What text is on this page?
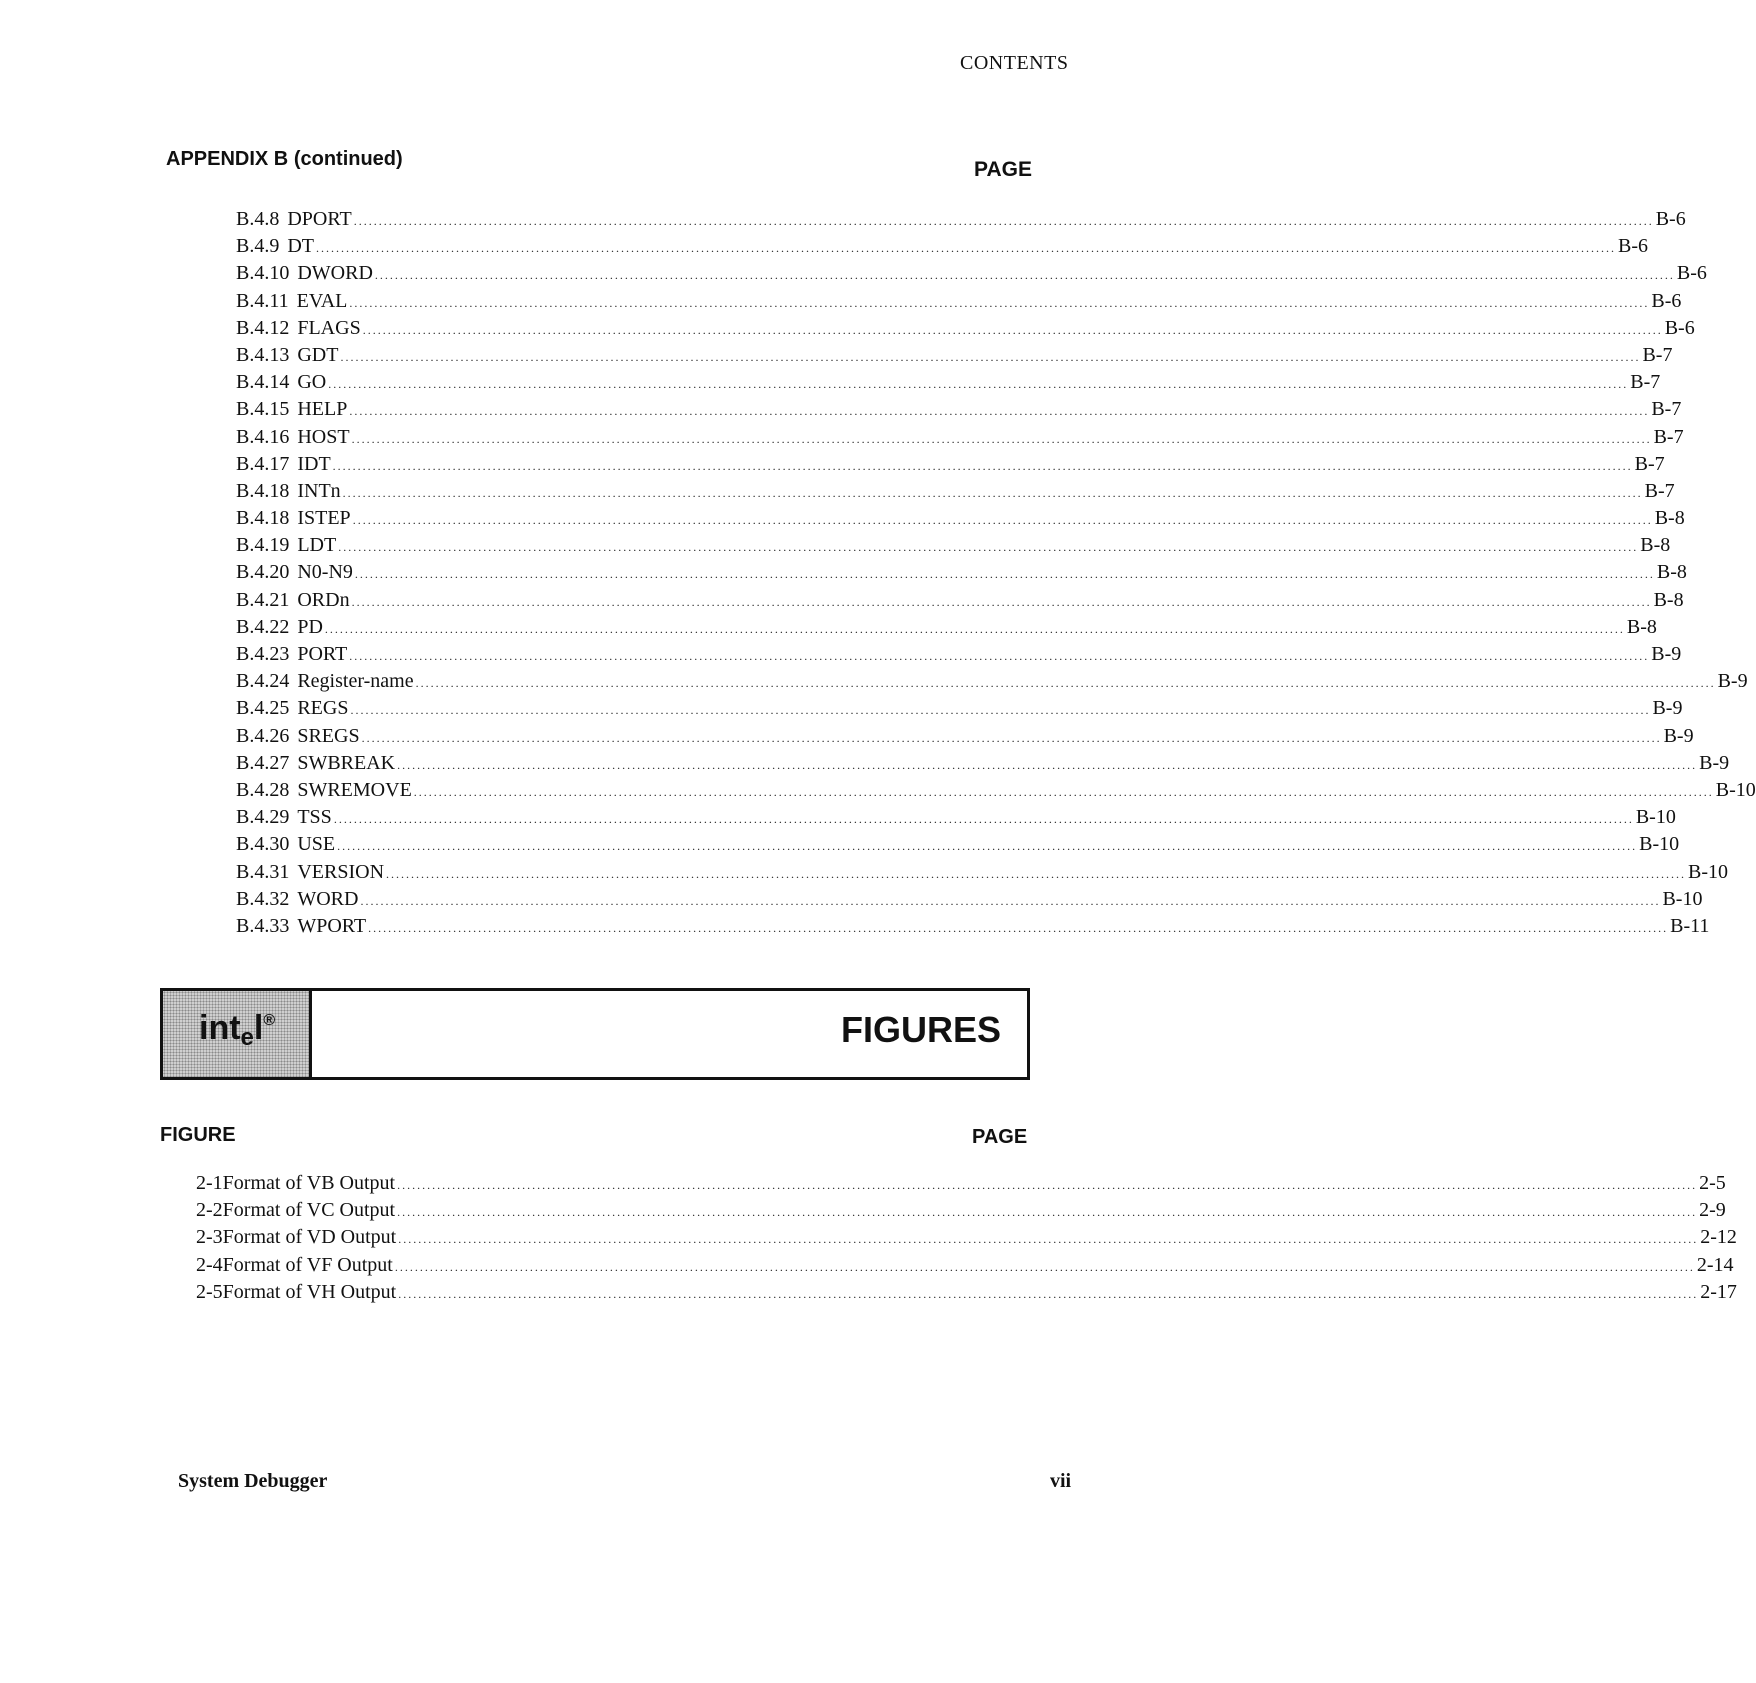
CONTENTS
APPENDIX B (continued)	PAGE
B.4.8 DPORT .................................................................................................................................................................................................................................................................... B-6
B.4.9 DT .................................................................................................................................................................................................................................................................... B-6
B.4.10 DWORD .................................................................................................................................................................................................................................................................... B-6
B.4.11 EVAL .................................................................................................................................................................................................................................................................... B-6
B.4.12 FLAGS .................................................................................................................................................................................................................................................................... B-6
B.4.13 GDT .................................................................................................................................................................................................................................................................... B-7
B.4.14 GO .................................................................................................................................................................................................................................................................... B-7
B.4.15 HELP .................................................................................................................................................................................................................................................................... B-7
B.4.16 HOST .................................................................................................................................................................................................................................................................... B-7
B.4.17 IDT .................................................................................................................................................................................................................................................................... B-7
B.4.18 INTn .................................................................................................................................................................................................................................................................... B-7
B.4.18 ISTEP .................................................................................................................................................................................................................................................................... B-8
B.4.19 LDT .................................................................................................................................................................................................................................................................... B-8
B.4.20 N0-N9 .................................................................................................................................................................................................................................................................... B-8
B.4.21 ORDn .................................................................................................................................................................................................................................................................... B-8
B.4.22 PD .................................................................................................................................................................................................................................................................... B-8
B.4.23 PORT .................................................................................................................................................................................................................................................................... B-9
B.4.24 Register-name .................................................................................................................................................................................................................................................................... B-9
B.4.25 REGS .................................................................................................................................................................................................................................................................... B-9
B.4.26 SREGS .................................................................................................................................................................................................................................................................... B-9
B.4.27 SWBREAK .................................................................................................................................................................................................................................................................... B-9
B.4.28 SWREMOVE .................................................................................................................................................................................................................................................................... B-10
B.4.29 TSS .................................................................................................................................................................................................................................................................... B-10
B.4.30 USE .................................................................................................................................................................................................................................................................... B-10
B.4.31 VERSION .................................................................................................................................................................................................................................................................... B-10
B.4.32 WORD .................................................................................................................................................................................................................................................................... B-10
B.4.33 WPORT .................................................................................................................................................................................................................................................................... B-11
intel®	FIGURES
FIGURE	PAGE
2-1 Format of VB Output .................................................................................................................................................................................................................................................................... 2-5
2-2 Format of VC Output .................................................................................................................................................................................................................................................................... 2-9
2-3 Format of VD Output .................................................................................................................................................................................................................................................................... 2-12
2-4 Format of VF Output .................................................................................................................................................................................................................................................................... 2-14
2-5 Format of VH Output .................................................................................................................................................................................................................................................................... 2-17
System Debugger	vii
